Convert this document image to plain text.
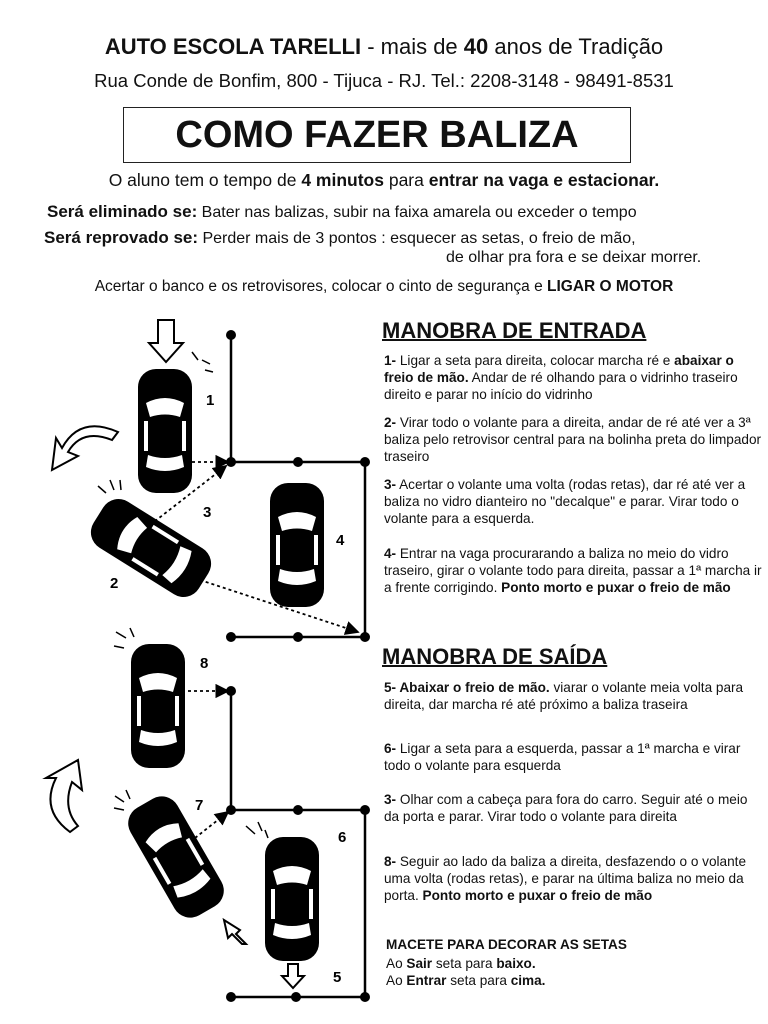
AUTO ESCOLA TARELLI - mais de 40 anos de Tradição
Rua Conde de Bonfim, 800 - Tijuca - RJ. Tel.: 2208-3148 - 98491-8531
COMO FAZER BALIZA
O aluno tem o tempo de 4 minutos para entrar na vaga e estacionar.
Será eliminado se: Bater nas balizas, subir na faixa amarela ou exceder o tempo
Será reprovado se: Perder mais de 3 pontos : esquecer as setas, o freio de mão,
de olhar pra fora e se deixar morrer.
Acertar o banco e os retrovisores, colocar o cinto de segurança e LIGAR O MOTOR
MANOBRA DE ENTRADA
1- Ligar a seta para direita, colocar marcha ré e abaixar o freio de mão. Andar de ré olhando para o vidrinho traseiro direito e parar no início do vidrinho
2- Virar todo o volante para a direita, andar de ré até ver a 3ª baliza pelo retrovisor central para na bolinha preta do limpador traseiro
3- Acertar o volante uma volta (rodas retas), dar ré até ver a baliza no vidro dianteiro no "decalque" e parar. Virar todo o volante para a esquerda.
4- Entrar na vaga procurarando a baliza no meio do vidro traseiro, girar o volante todo para direita, passar a 1ª marcha ir a frente corrigindo. Ponto morto e puxar o freio de mão
MANOBRA DE SAÍDA
5- Abaixar o freio de mão. viarar o volante meia volta para direita, dar marcha ré até próximo a baliza traseira
6- Ligar a seta para a esquerda, passar a 1ª marcha e virar todo o volante para esquerda
3- Olhar com a cabeça para fora do carro. Seguir até o meio da porta e parar. Virar todo o volante para direita
8- Seguir ao lado da baliza a direita, desfazendo o o volante uma volta (rodas retas), e parar na última baliza no meio da porta. Ponto morto e puxar o freio de mão
MACETE PARA DECORAR AS SETAS
Ao Sair seta para baixo.
Ao Entrar seta para cima.
1
2
3
4
8
7
6
5
